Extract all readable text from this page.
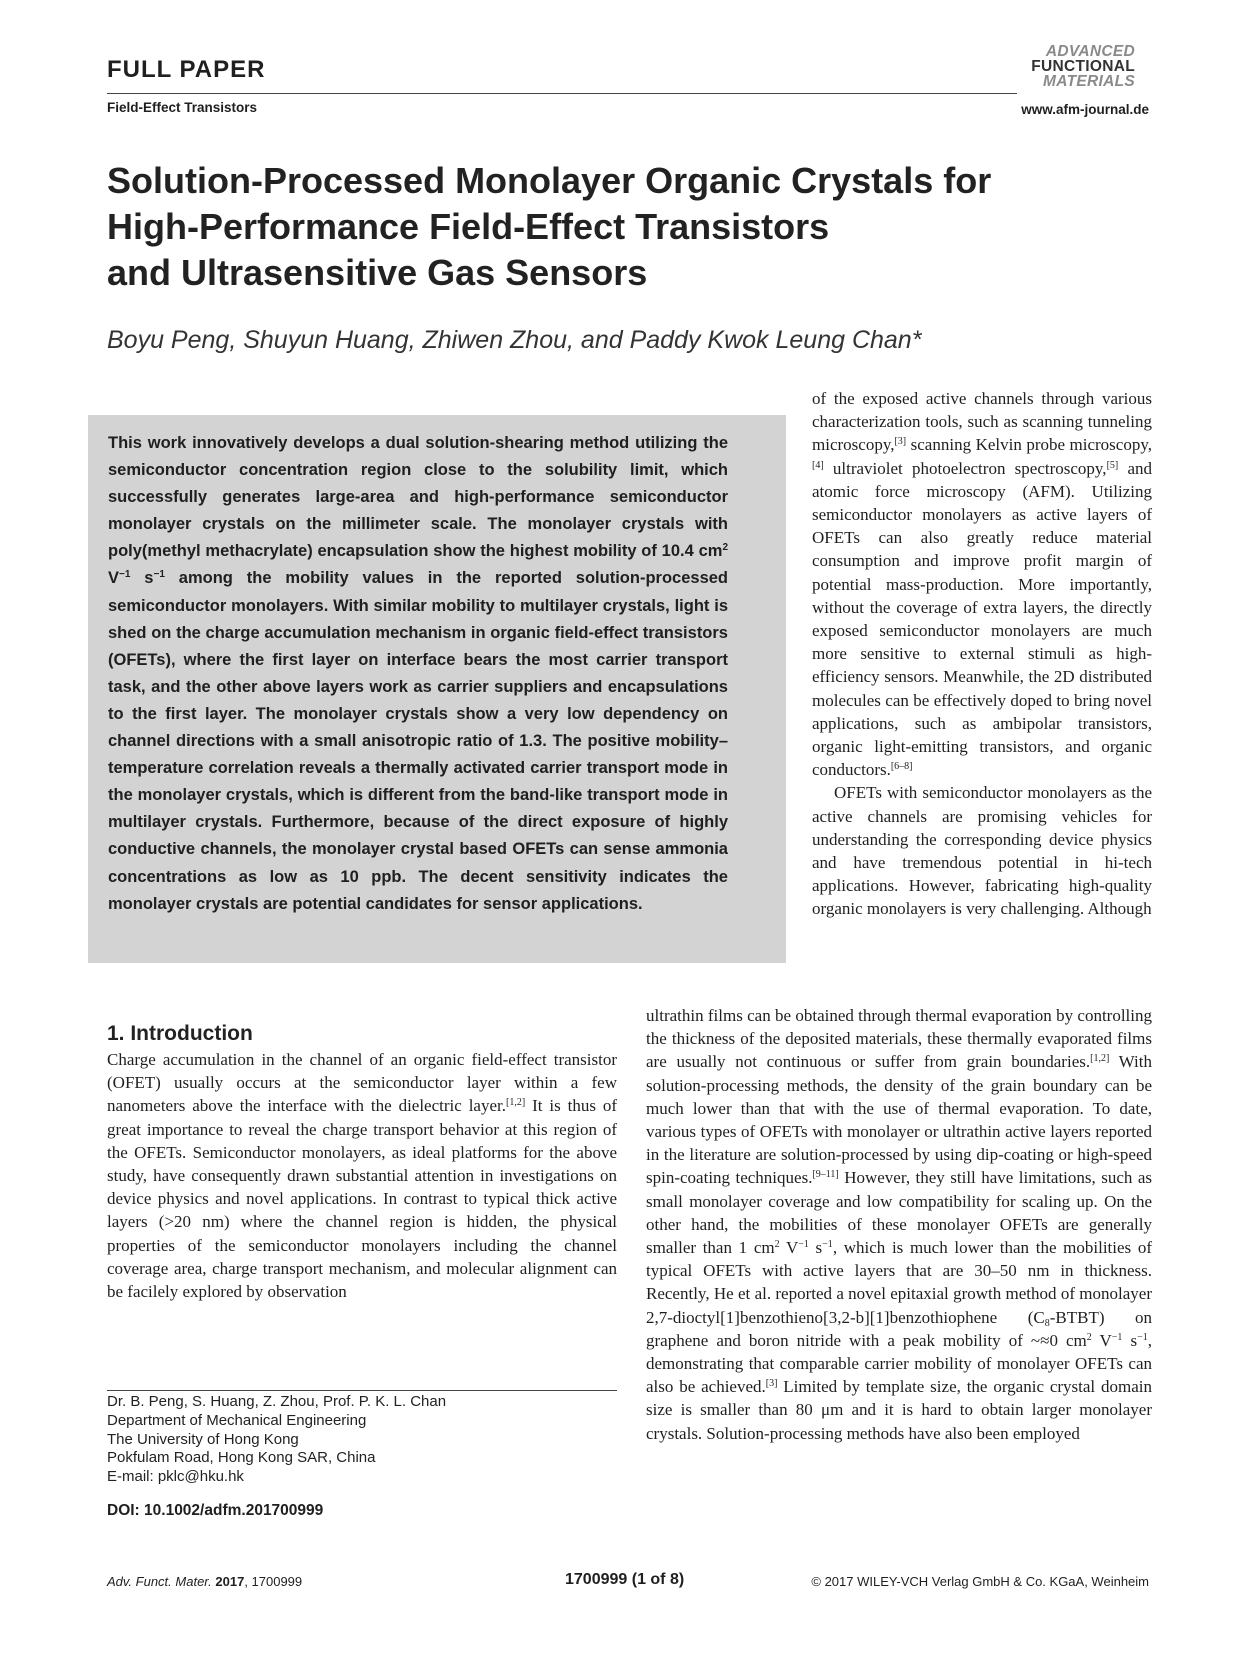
FULL PAPER
Field-Effect Transistors
ADVANCED
FUNCTIONAL
MATERIALS
www.afm-journal.de
Solution-Processed Monolayer Organic Crystals for
High-Performance Field-Effect Transistors
and Ultrasensitive Gas Sensors
Boyu Peng, Shuyun Huang, Zhiwen Zhou, and Paddy Kwok Leung Chan*
This work innovatively develops a dual solution-shearing method utilizing the semiconductor concentration region close to the solubility limit, which successfully generates large-area and high-performance semiconductor monolayer crystals on the millimeter scale. The monolayer crystals with poly(methyl methacrylate) encapsulation show the highest mobility of 10.4 $cm^2$ $V^{-1}$ $s^{-1}$ among the mobility values in the reported solution-processed semiconductor monolayers. With similar mobility to multilayer crystals, light is shed on the charge accumulation mechanism in organic field-effect transistors (OFETs), where the first layer on interface bears the most carrier transport task, and the other above layers work as carrier suppliers and encapsulations to the first layer. The monolayer crystals show a very low dependency on channel directions with a small anisotropic ratio of 1.3. The positive mobility–temperature correlation reveals a thermally activated carrier transport mode in the monolayer crystals, which is different from the band-like transport mode in multilayer crystals. Furthermore, because of the direct exposure of highly conductive channels, the monolayer crystal based OFETs can sense ammonia concentrations as low as 10 ppb. The decent sensitivity indicates the monolayer crystals are potential candidates for sensor applications.

of the exposed active channels through various characterization tools, such as scanning tunneling microscopy,[3] scanning Kelvin probe microscopy,[4] ultraviolet photoelectron spectroscopy,[5] and atomic force microscopy (AFM). Utilizing semiconductor monolayers as active layers of OFETs can also greatly reduce material consumption and improve profit margin of potential mass-production. More importantly, without the coverage of extra layers, the directly exposed semiconductor monolayers are much more sensitive to external stimuli as high-efficiency sensors. Meanwhile, the 2D distributed molecules can be effectively doped to bring novel applications, such as ambipolar transistors, organic light-emitting transistors, and organic conductors.[6–8]

OFETs with semiconductor monolayers as the active channels are promising vehicles for understanding the corresponding device physics and have tremendous potential in hi-tech applications. However, fabricating high-quality organic monolayers is very challenging. Although

ultrathin films can be obtained through thermal evaporation by controlling the thickness of the deposited materials, these thermally evaporated films are usually not continuous or suffer from grain boundaries.[1,2] With solution-processing methods, the density of the grain boundary can be much lower than that with the use of thermal evaporation. To date, various types of OFETs with monolayer or ultrathin active layers reported in the literature are solution-processed by using dip-coating or high-speed spin-coating techniques.[9–11] However, they still have limitations, such as small monolayer coverage and low compatibility for scaling up. On the other hand, the mobilities of these monolayer OFETs are generally smaller than 1 $cm^2$ $V^{-1}$ $s^{-1}$, which is much lower than the mobilities of typical OFETs with active layers that are 30–50 nm in thickness. Recently, He et al. reported a novel epitaxial growth method of monolayer 2,7-dioctyl[1]benzothieno[3,2-b][1]benzothiophene $(C_8-BTBT)$ on graphene and boron nitride with a peak mobility of ~≈0 $cm^2$ $V^{-1}$ $s^{-1}$, demonstrating that comparable carrier mobility of monolayer OFETs can also be achieved.[3] Limited by template size, the organic crystal domain size is smaller than 80 μm and it is hard to obtain larger monolayer crystals. Solution-processing methods have also been employed

1. Introduction

Charge accumulation in the channel of an organic field-effect transistor (OFET) usually occurs at the semiconductor layer within a few nanometers above the interface with the dielectric layer.[1,2] It is thus of great importance to reveal the charge transport behavior at this region of the OFETs. Semiconductor monolayers, as ideal platforms for the above study, have consequently drawn substantial attention in investigations on device physics and novel applications. In contrast to typical thick active layers (>20 nm) where the channel region is hidden, the physical properties of the semiconductor monolayers including the channel coverage area, charge transport mechanism, and molecular alignment can be facilely explored by observation

Dr. B. Peng, S. Huang, Z. Zhou, Prof. P. K. L. Chan
Department of Mechanical Engineering
The University of Hong Kong
Pokfulam Road, Hong Kong SAR, China
E-mail: pklc@hku.hk
DOI: 10.1002/adfm.201700999
Adv. Funct. Mater. 2017, 1700999	1700999 (1 of 8)	© 2017 WILEY-VCH Verlag GmbH & Co. KGaA, Weinheim
